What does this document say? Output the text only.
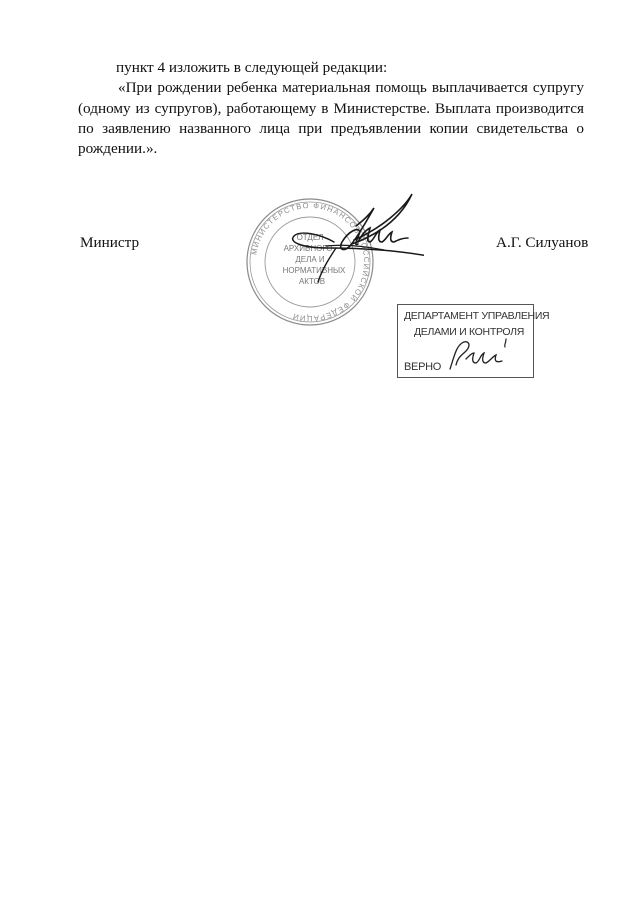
пункт 4 изложить в следующей редакции:

«При рождении ребенка материальная помощь выплачивается супругу (одному из супругов), работающему в Министерстве. Выплата производится по заявлению названного лица при предъявлении копии свидетельства о рождении.».

МИНИСТЕРСТВО ФИНАНСОВ РОССИЙСКОЙ ФЕДЕРАЦИИ
ОТДЕЛ
АРХИВНОГО
ДЕЛА И
НОРМАТИВНЫХ
АКТОВ
Министр	А.Г. Силуанов
ДЕПАРТАМЕНТ УПРАВЛЕНИЯ
ДЕЛАМИ И КОНТРОЛЯ
ВЕРНО
